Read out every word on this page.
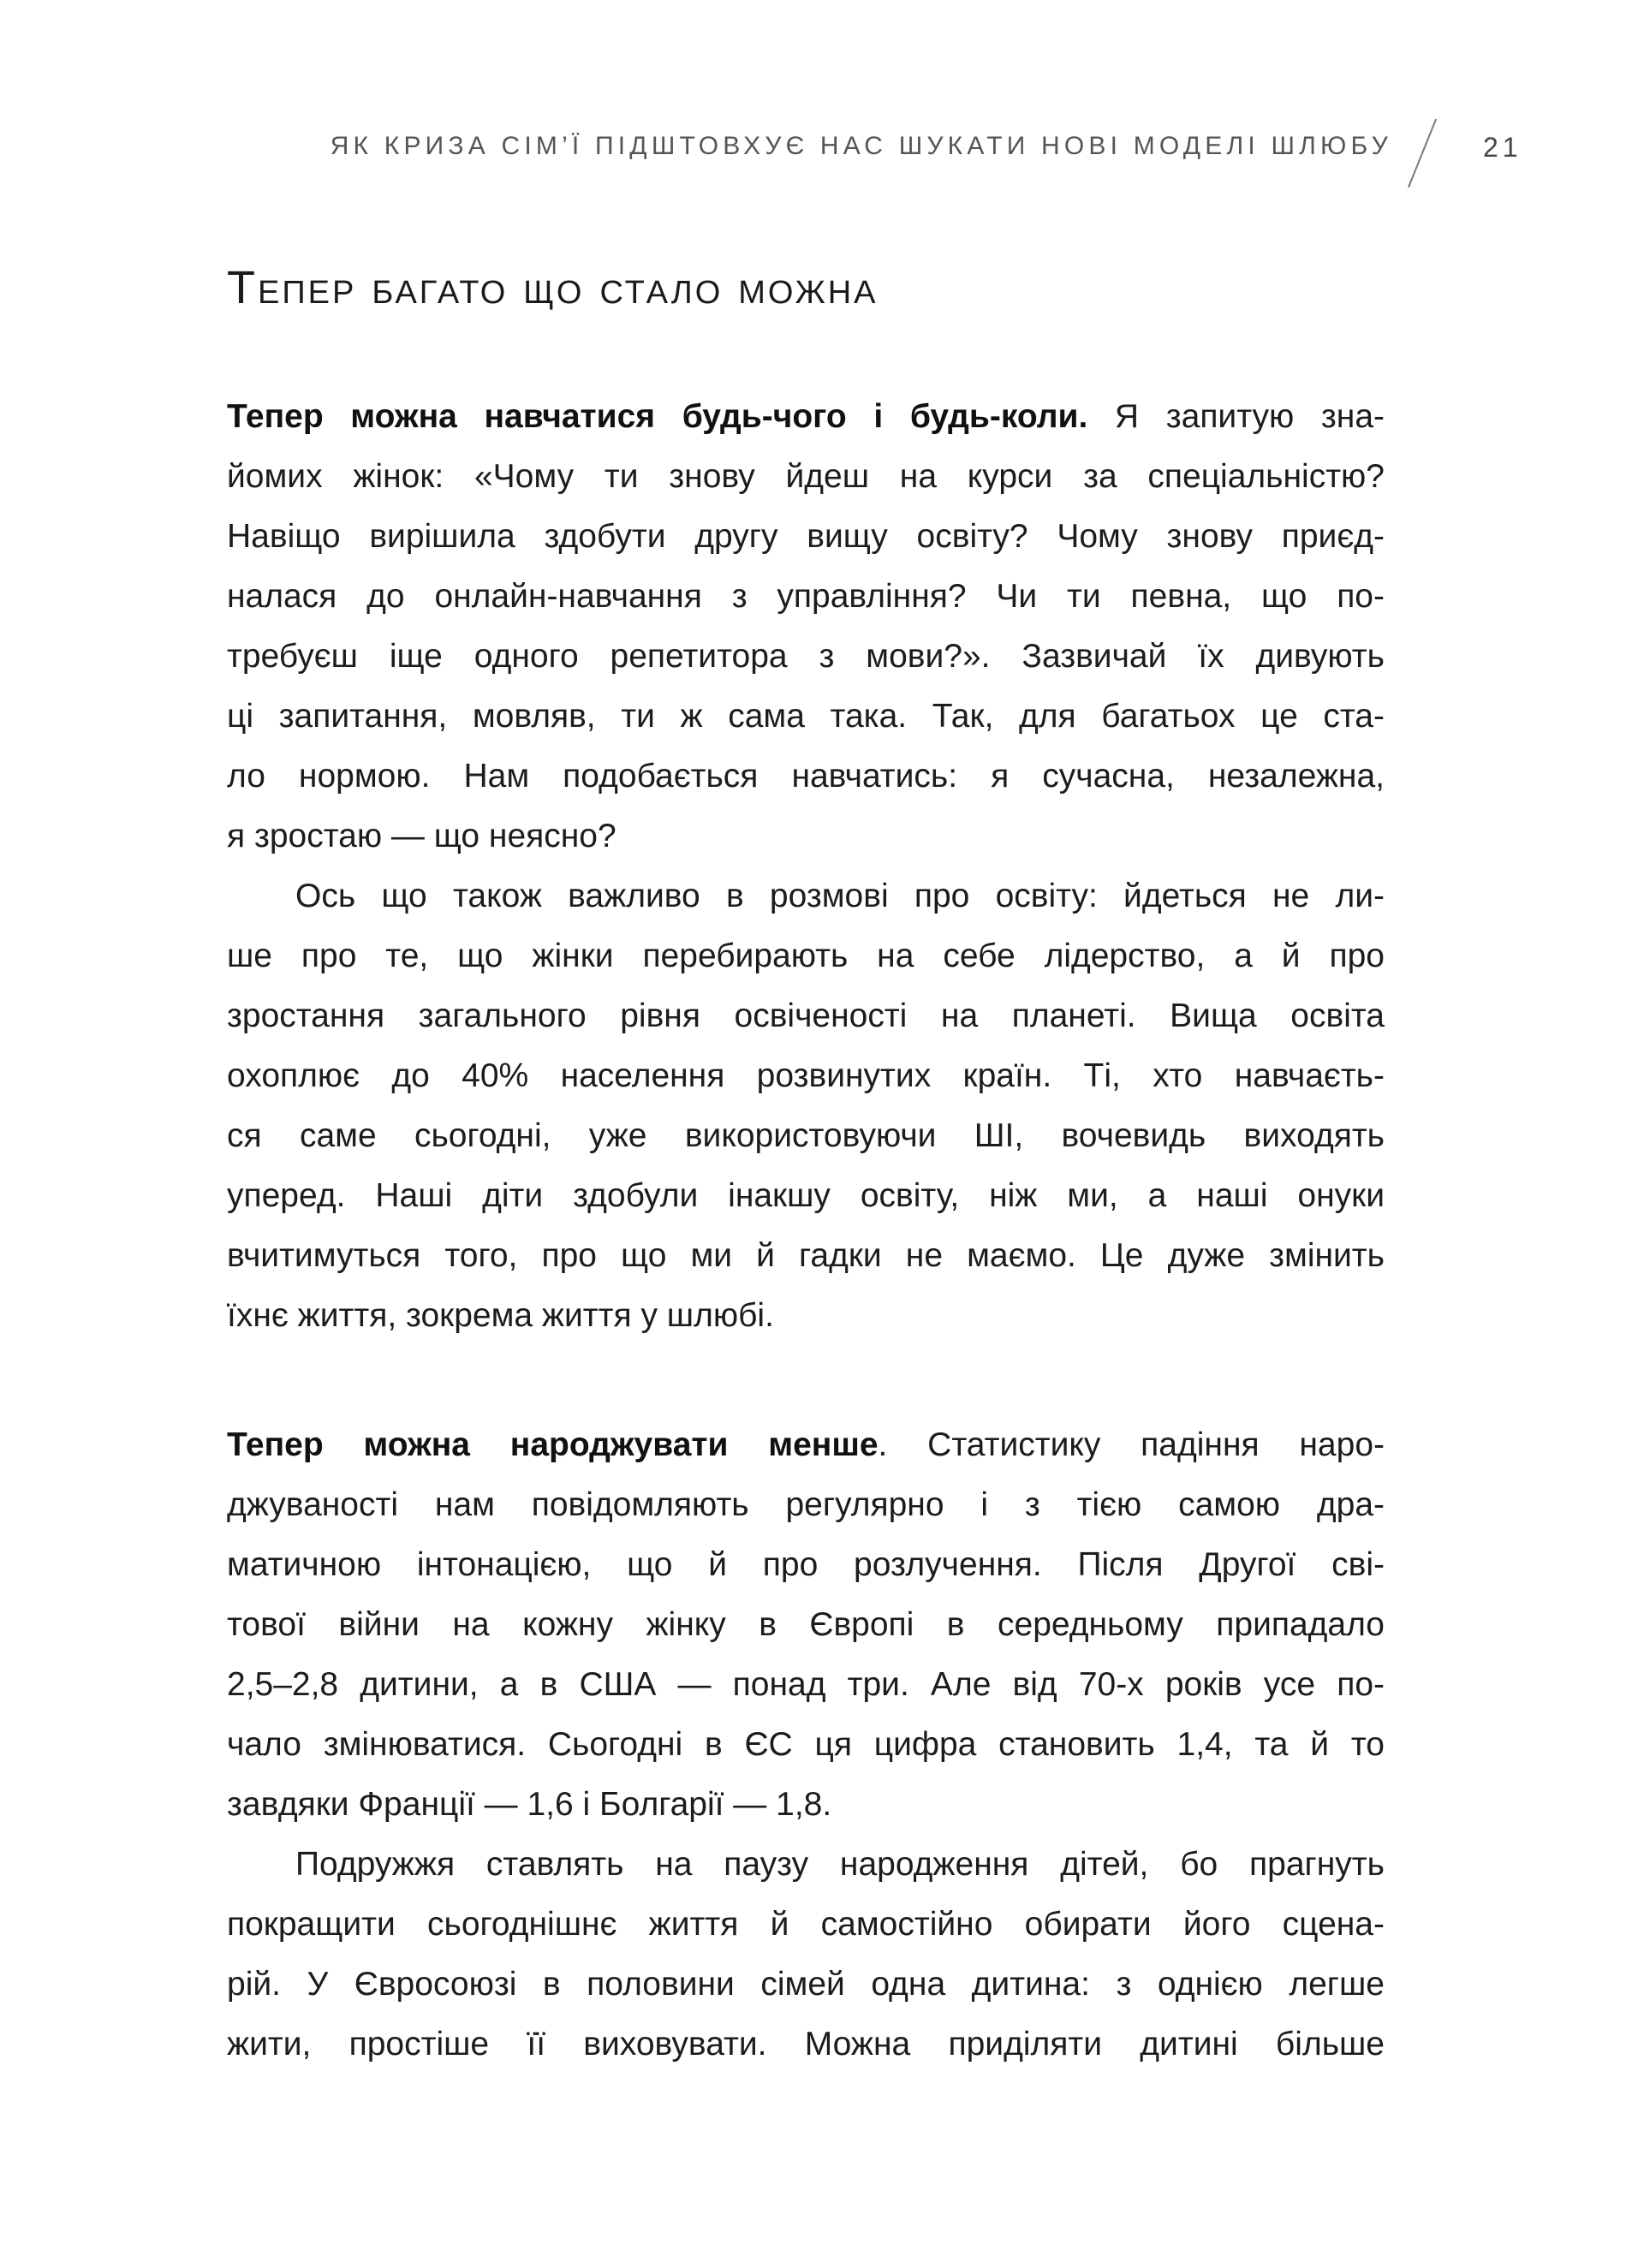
ЯК КРИЗА СІМ’Ї ПІДШТОВХУЄ НАС ШУКАТИ НОВІ МОДЕЛІ ШЛЮБУ	21
Тепер багато що стало можна
Тепер можна навчатися будь-чого і будь-коли. Я запитую зна-
йомих жінок: «Чому ти знову йдеш на курси за спеціальністю?
Навіщо вирішила здобути другу вищу освіту? Чому знову приєд-
налася до онлайн-навчання з управління? Чи ти певна, що по-
требуєш іще одного репетитора з мови?». Зазвичай їх дивують
ці запитання, мовляв, ти ж сама така. Так, для багатьох це ста-
ло нормою. Нам подобається навчатись: я сучасна, незалежна,
я зростаю — що неясно?
Ось що також важливо в розмові про освіту: йдеться не ли-
ше про те, що жінки перебирають на себе лідерство, а й про
зростання загального рівня освіченості на планеті. Вища освіта
охоплює до 40% населення розвинутих країн. Ті, хто навчаєть-
ся саме сьогодні, уже використовуючи ШІ, вочевидь виходять
уперед. Наші діти здобули інакшу освіту, ніж ми, а наші онуки
вчитимуться того, про що ми й гадки не маємо. Це дуже змінить
їхнє життя, зокрема життя у шлюбі.
Тепер можна народжувати менше. Статистику падіння наро-
джуваності нам повідомляють регулярно і з тією самою дра-
матичною інтонацією, що й про розлучення. Після Другої сві-
тової війни на кожну жінку в Європі в середньому припадало
2,5–2,8 дитини, а в США — понад три. Але від 70-х років усе по-
чало змінюватися. Сьогодні в ЄС ця цифра становить 1,4, та й то
завдяки Франції — 1,6 і Болгарії — 1,8.
Подружжя ставлять на паузу народження дітей, бо прагнуть
покращити сьогоднішнє життя й самостійно обирати його сцена-
рій. У Євросоюзі в половини сімей одна дитина: з однією легше
жити, простіше її виховувати. Можна приділяти дитині більше
